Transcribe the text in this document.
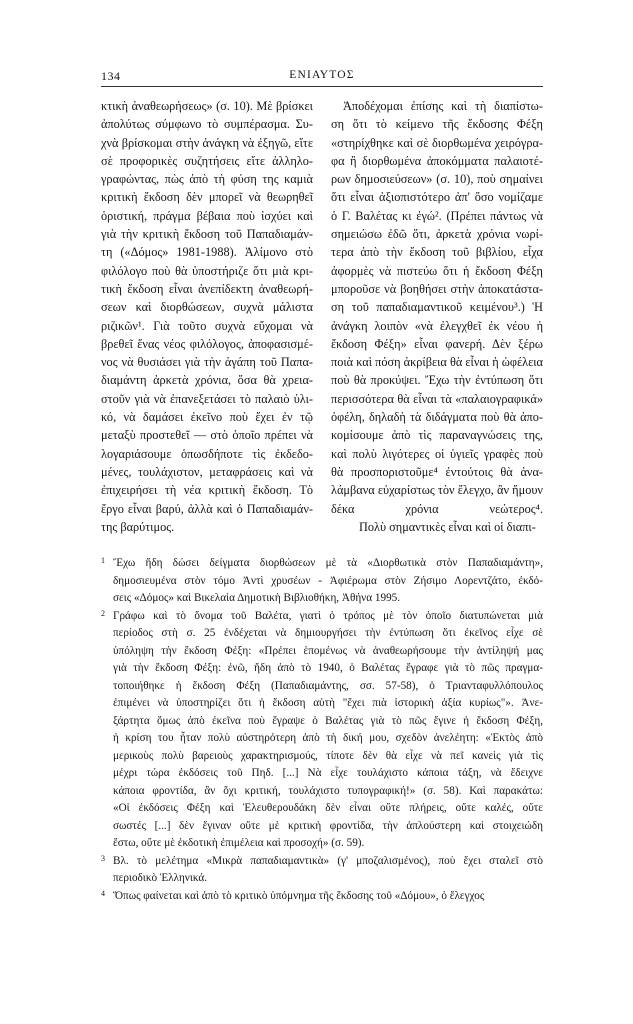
134	ΕΝΙΑΥΤΟΣ
κτικὴ ἀναθεωρήσεως» (σ. 10). Μὲ βρίσκει
ἀπολύτως σύμφωνο τὸ συμπέρασμα. Συ-
χνὰ βρίσκομαι στὴν ἀνάγκη νὰ ἐξηγῶ, εἴτε
σὲ προφορικὲς συζητήσεις εἴτε ἀλληλο-
γραφώντας, πὼς ἀπὸ τὴ φύση της καμιὰ
κριτικὴ ἔκδοση δὲν μπορεῖ νὰ θεωρηθεῖ
ὁριστική, πράγμα βέβαια ποὺ ἰσχύει καὶ
γιὰ τὴν κριτικὴ ἔκδοση τοῦ Παπαδιαμάν-
τη («Δόμος» 1981-1988). Ἀλίμονο στὸ
φιλόλογο ποὺ θὰ ὑποστήριζε ὅτι μιὰ κρι-
τικὴ ἔκδοση εἶναι ἀνεπίδεκτη ἀναθεωρή-
σεων καὶ διορθώσεων, συχνὰ μάλιστα
ριζικῶν¹. Γιὰ τοῦτο συχνὰ εὔχομαι νὰ
βρεθεῖ ἕνας νέος φιλόλογος, ἀποφασισμέ-
νος νὰ θυσιάσει γιὰ τὴν ἀγάπη τοῦ Παπα-
διαμάντη ἀρκετὰ χρόνια, ὅσα θὰ χρεια-
στοῦν γιὰ νὰ ἐπανεξετάσει τὸ παλαιὸ ὑλι-
κό, νὰ δαμάσει ἐκεῖνο ποὺ ἔχει ἐν τῷ
μεταξὺ προστεθεῖ — στὸ ὁποῖο πρέπει νὰ
λογαριάσουμε ὁπωσδήποτε τὶς ἐκδεδο-
μένες, τουλάχιστον, μεταφράσεις καὶ νὰ
ἐπιχειρήσει τὴ νέα κριτικὴ ἔκδοση. Τὸ
ἔργο εἶναι βαρύ, ἀλλὰ καὶ ὁ Παπαδιαμάν-
της βαρύτιμος.
Ἀποδέχομαι ἐπίσης καὶ τὴ διαπίστω-
ση ὅτι τὸ κείμενο τῆς ἔκδοσης Φέξη
«στηρίχθηκε καὶ σὲ διορθωμένα χειρόγρα-
φα ἢ διορθωμένα ἀποκόμματα παλαιοτέ-
ρων δημοσιεύσεων» (σ. 10), ποὺ σημαίνει
ὅτι εἶναι ἀξιοπιστότερο ἀπ' ὅσο νομίζαμε
ὁ Γ. Βαλέτας κι ἐγώ². (Πρέπει πάντως νὰ
σημειώσω ἐδῶ ὅτι, ἀρκετὰ χρόνια νωρί-
τερα ἀπὸ τὴν ἔκδοση τοῦ βιβλίου, εἶχα
ἀφορμὲς νὰ πιστεύω ὅτι ἡ ἔκδοση Φέξη
μποροῦσε νὰ βοηθήσει στὴν ἀποκατάστα-
ση τοῦ παπαδιαμαντικοῦ κειμένου³.) Ἡ
ἀνάγκη λοιπὸν «νὰ ἐλεγχθεῖ ἐκ νέου ἡ
ἔκδοση Φέξη» εἶναι φανερή. Δὲν ξέρω
ποιὰ καὶ πόση ἀκρίβεια θὰ εἶναι ἡ ὠφέλεια
ποὺ θὰ προκύψει. Ἔχω τὴν ἐντύπωση ὅτι
περισσότερα θὰ εἶναι τὰ «παλαιογραφικά»
ὀφέλη, δηλαδὴ τὰ διδάγματα ποὺ θὰ ἀπο-
κομίσουμε ἀπὸ τὶς παραναγνώσεις της,
καὶ πολὺ λιγότερες οἱ ὑγιεῖς γραφὲς ποὺ
θὰ προσποριστοῦμε⁴ ἐντούτοις θὰ ἀνα-
λάμβανα εὐχαρίστως τὸν ἔλεγχο, ἂν ἤμουν
δέκα χρόνια νεώτερος⁴.
Πολὺ σημαντικὲς εἶναι καὶ οἱ διαπι-
1 Ἔχω ἤδη δώσει δείγματα διορθώσεων μὲ τὰ «Διορθωτικὰ στὸν Παπαδιαμάντη»,
δημοσιευμένα στὸν τόμο Ἀντὶ χρυσέων - Ἀφιέρωμα στὸν Ζήσιμο Λορεντζάτο, ἐκδό-
σεις «Δόμος» καὶ Βικελαία Δημοτικὴ Βιβλιοθήκη, Ἀθήνα 1995.
2 Γράφω καὶ τὸ ὄνομα τοῦ Βαλέτα, γιατὶ ὁ τρόπος μὲ τὸν ὁποῖο διατυπώνεται μιὰ
περίοδος στὴ σ. 25 ἐνδέχεται νὰ δημιουργήσει τὴν ἐντύπωση ὅτι ἐκεῖνος εἶχε σὲ
ὑπόληψη τὴν ἔκδοση Φέξη: «Πρέπει ἑπομένως νὰ ἀναθεωρήσουμε τὴν ἀντίληψή μας
γιὰ τὴν ἔκδοση Φέξη: ἐνῶ, ἤδη ἀπὸ τὸ 1940, ὁ Βαλέτας ἔγραφε γιὰ τὸ πῶς πραγμα-
τοποιήθηκε ἡ ἔκδοση Φέξη (Παπαδιαμάντης, σσ. 57-58), ὁ Τριανταφυλλόπουλος
ἐπιμένει νὰ ὑποστηρίζει ὅτι ἡ ἔκδοση αὐτὴ "ἔχει πιὰ ἱστορικὴ ἀξία κυρίως"». Ἀνε-
ξάρτητα ὅμως ἀπὸ ἐκεῖνα ποὺ ἔγραψε ὁ Βαλέτας γιὰ τὸ πῶς ἔγινε ἡ ἔκδοση Φέξη,
ἡ κρίση του ἦταν πολὺ αὐστηρότερη ἀπὸ τὴ δική μου, σχεδὸν ἀνελέητη: «Ἐκτὸς ἀπὸ
μερικοὺς πολὺ βαρειοὺς χαρακτηρισμούς, τίποτε δὲν θὰ εἶχε νὰ πεῖ κανεὶς γιὰ τὶς
μέχρι τώρα ἐκδόσεις τοῦ Πηδ. [...] Νὰ εἶχε τουλάχιστο κάποια τάξη, νὰ ἔδειχνε
κάποια φροντίδα, ἂν ὄχι κριτική, τουλάχιστο τυπογραφική!» (σ. 58). Καὶ παρακάτω:
«Οἱ ἐκδόσεις Φέξη καὶ Ἐλευθερουδάκη δὲν εἶναι οὔτε πλήρεις, οὔτε καλές, οὔτε
σωστές [...] δὲν ἔγιναν οὔτε μὲ κριτικὴ φροντίδα, τὴν ἁπλούστερη καὶ στοιχειώδη
ἔστω, οὔτε μὲ ἐκδοτικὴ ἐπιμέλεια καὶ προσοχή» (σ. 59).
3 Βλ. τὸ μελέτημα «Μικρὰ παπαδιαμαντικὰ» (γ' μποζαλισμένος), ποὺ ἔχει σταλεῖ στὸ
περιοδικὸ Ἑλληνικά.
4 Ὅπως φαίνεται καὶ ἀπὸ τὸ κριτικὸ ὑπόμνημα τῆς ἔκδοσης τοῦ «Δόμου», ὁ ἔλεγχος
